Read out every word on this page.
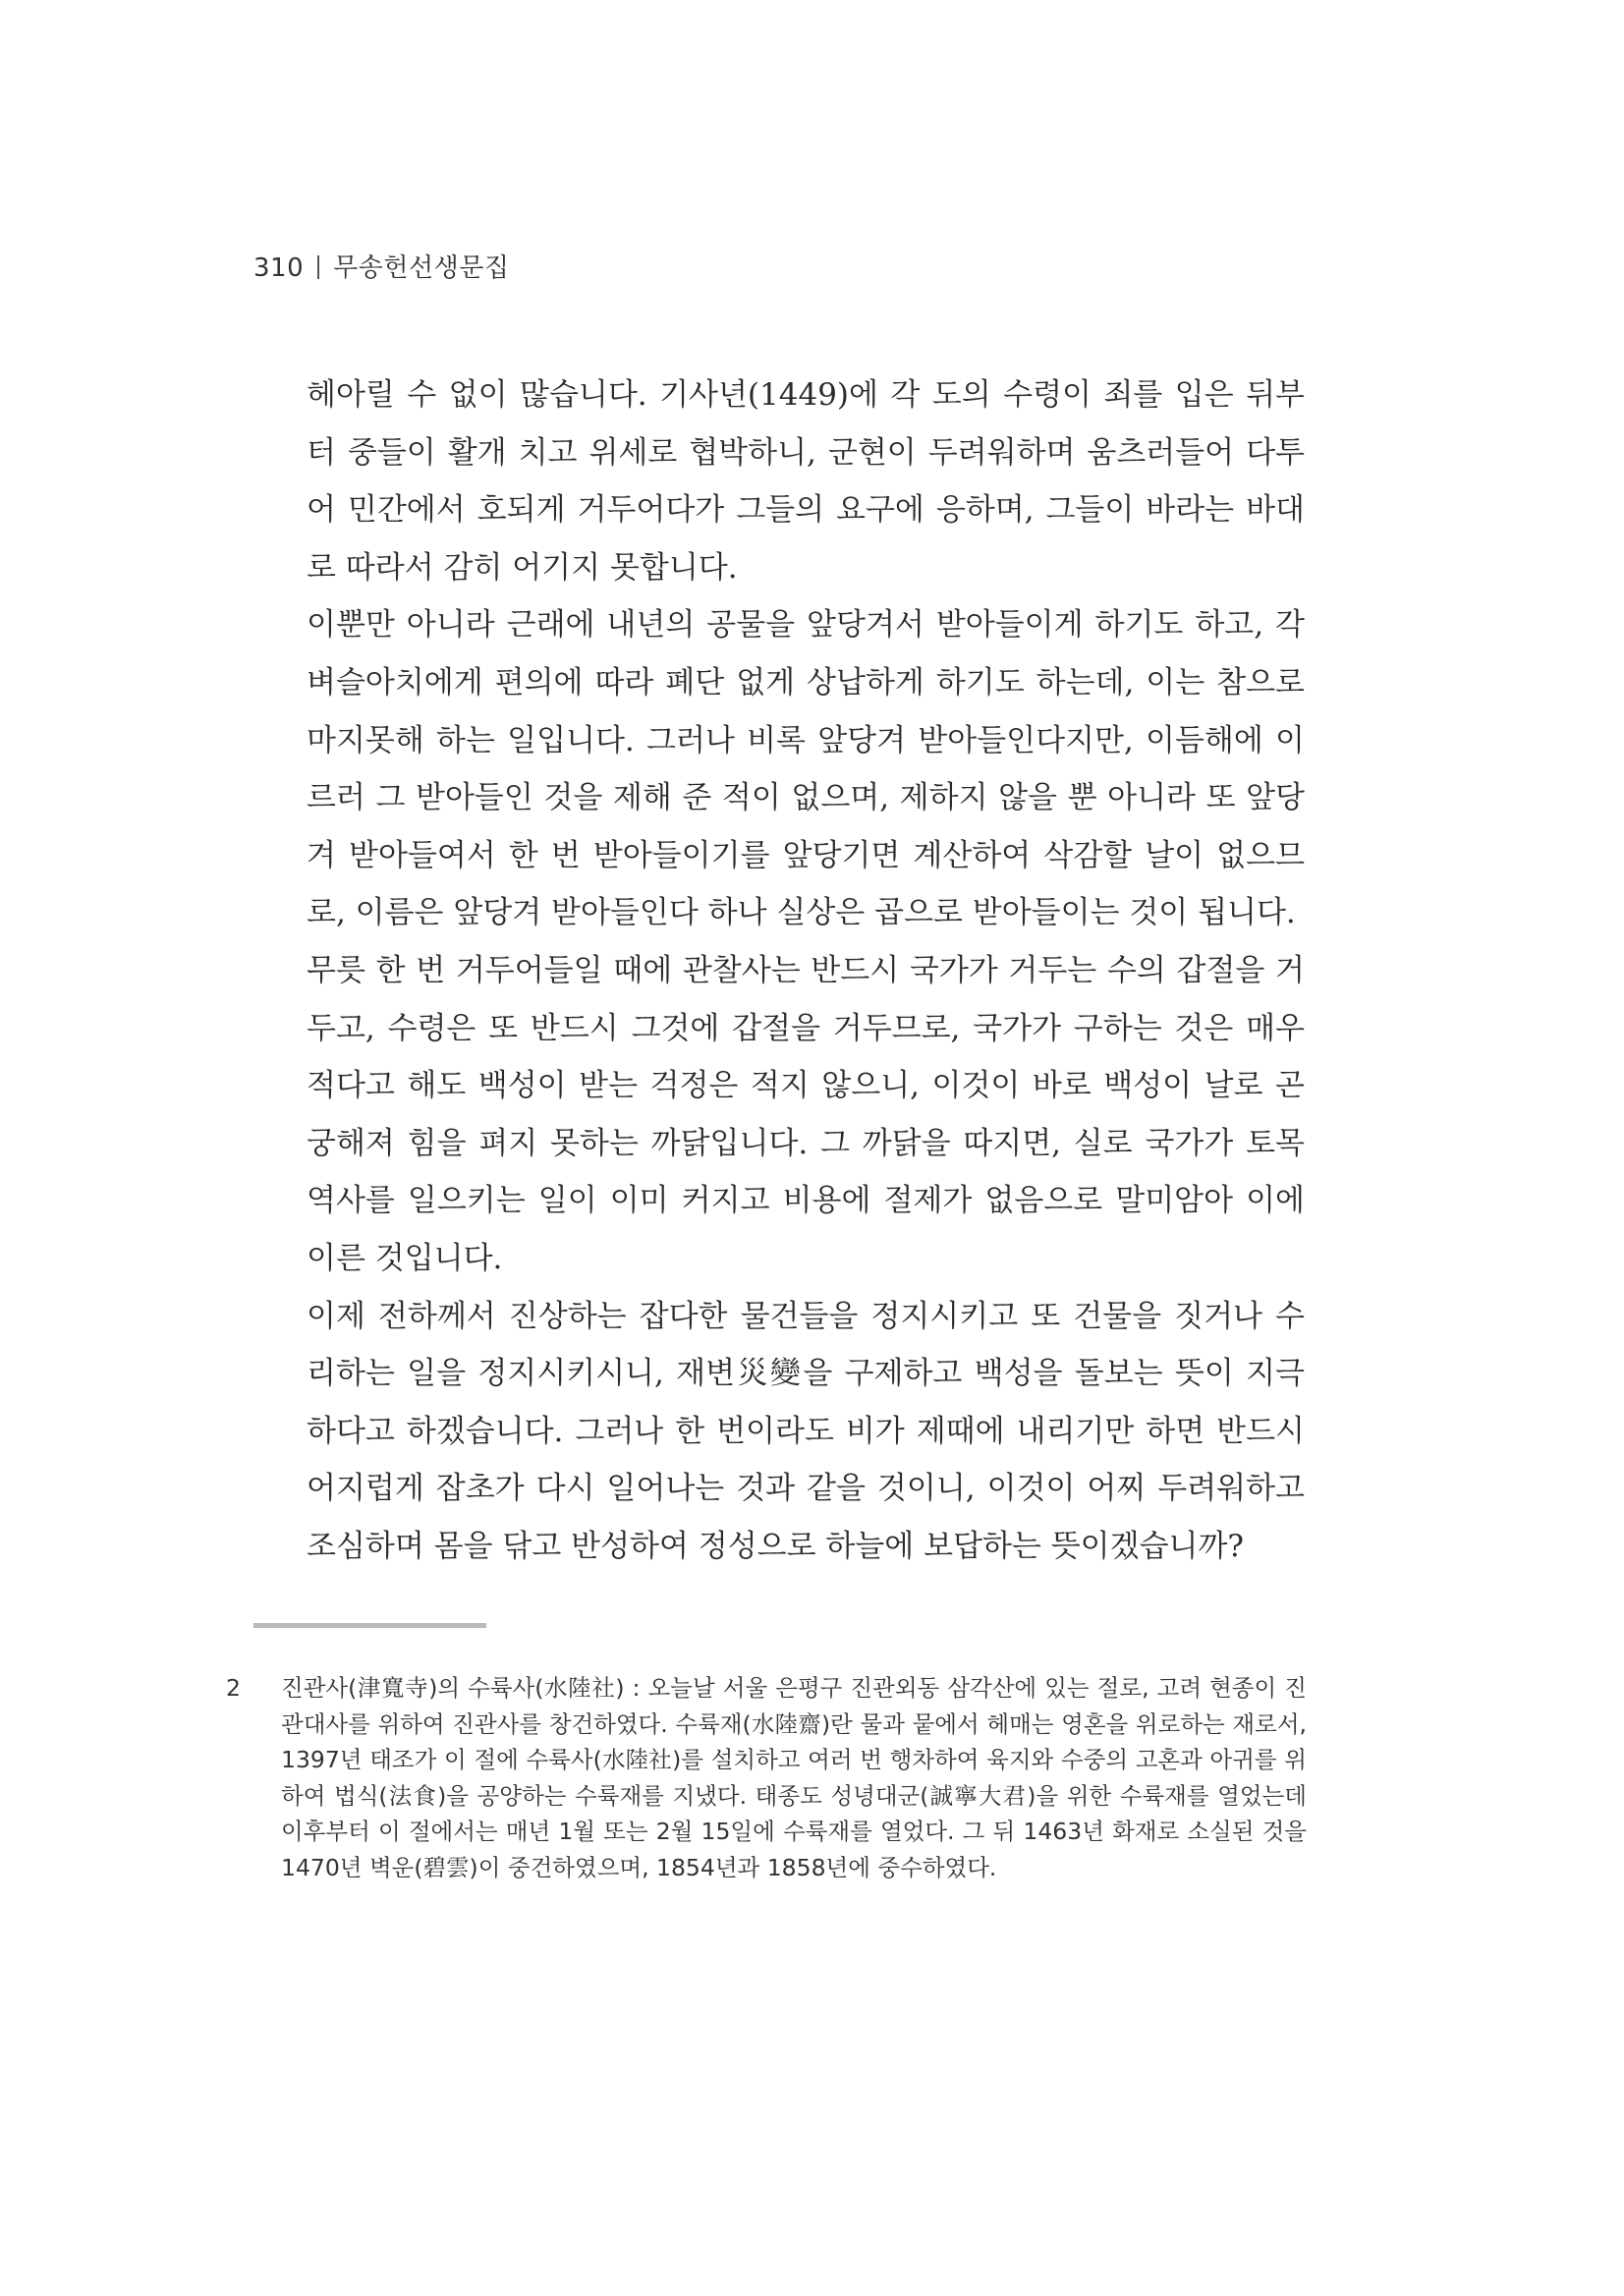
310 무송헌선생문집

헤아릴 수 없이 많습니다. 기사년(1449)에 각 도의 수령이 죄를 입은 뒤부터 중들이 활개 치고 위세로 협박하니, 군현이 두려워하며 움츠러들어 다투어 민간에서 호되게 거두어다가 그들의 요구에 응하며, 그들이 바라는 바대로 따라서 감히 어기지 못합니다.

이뿐만 아니라 근래에 내년의 공물을 앞당겨서 받아들이게 하기도 하고, 각 벼슬아치에게 편의에 따라 폐단 없게 상납하게 하기도 하는데, 이는 참으로 마지못해 하는 일입니다. 그러나 비록 앞당겨 받아들인다지만, 이듬해에 이르러 그 받아들인 것을 제해 준 적이 없으며, 제하지 않을 뿐 아니라 또 앞당겨 받아들여서 한 번 받아들이기를 앞당기면 계산하여 삭감할 날이 없으므로, 이름은 앞당겨 받아들인다 하나 실상은 곱으로 받아들이는 것이 됩니다.

무릇 한 번 거두어들일 때에 관찰사는 반드시 국가가 거두는 수의 갑절을 거두고, 수령은 또 반드시 그것에 갑절을 거두므로, 국가가 구하는 것은 매우 적다고 해도 백성이 받는 걱정은 적지 않으니, 이것이 바로 백성이 날로 곤궁해져 힘을 펴지 못하는 까닭입니다. 그 까닭을 따지면, 실로 국가가 토목 역사를 일으키는 일이 이미 커지고 비용에 절제가 없음으로 말미암아 이에 이른 것입니다.

이제 전하께서 진상하는 잡다한 물건들을 정지시키고 또 건물을 짓거나 수리하는 일을 정지시키시니, 재변災變을 구제하고 백성을 돌보는 뜻이 지극하다고 하겠습니다. 그러나 한 번이라도 비가 제때에 내리기만 하면 반드시 어지럽게 잡초가 다시 일어나는 것과 같을 것이니, 이것이 어찌 두려워하고 조심하며 몸을 닦고 반성하여 정성으로 하늘에 보답하는 뜻이겠습니까?

2 진관사(津寬寺)의 수륙사(水陸社) : 오늘날 서울 은평구 진관외동 삼각산에 있는 절로, 고려 현종이 진관대사를 위하여 진관사를 창건하였다. 수륙재(水陸齋)란 물과 뭍에서 헤매는 영혼을 위로하는 재로서, 1397년 태조가 이 절에 수륙사(水陸社)를 설치하고 여러 번 행차하여 육지와 수중의 고혼과 아귀를 위하여 법식(法食)을 공양하는 수륙재를 지냈다. 태종도 성녕대군(誠寧大君)을 위한 수륙재를 열었는데 이후부터 이 절에서는 매년 1월 또는 2월 15일에 수륙재를 열었다. 그 뒤 1463년 화재로 소실된 것을 1470년 벽운(碧雲)이 중건하였으며, 1854년과 1858년에 중수하였다.
